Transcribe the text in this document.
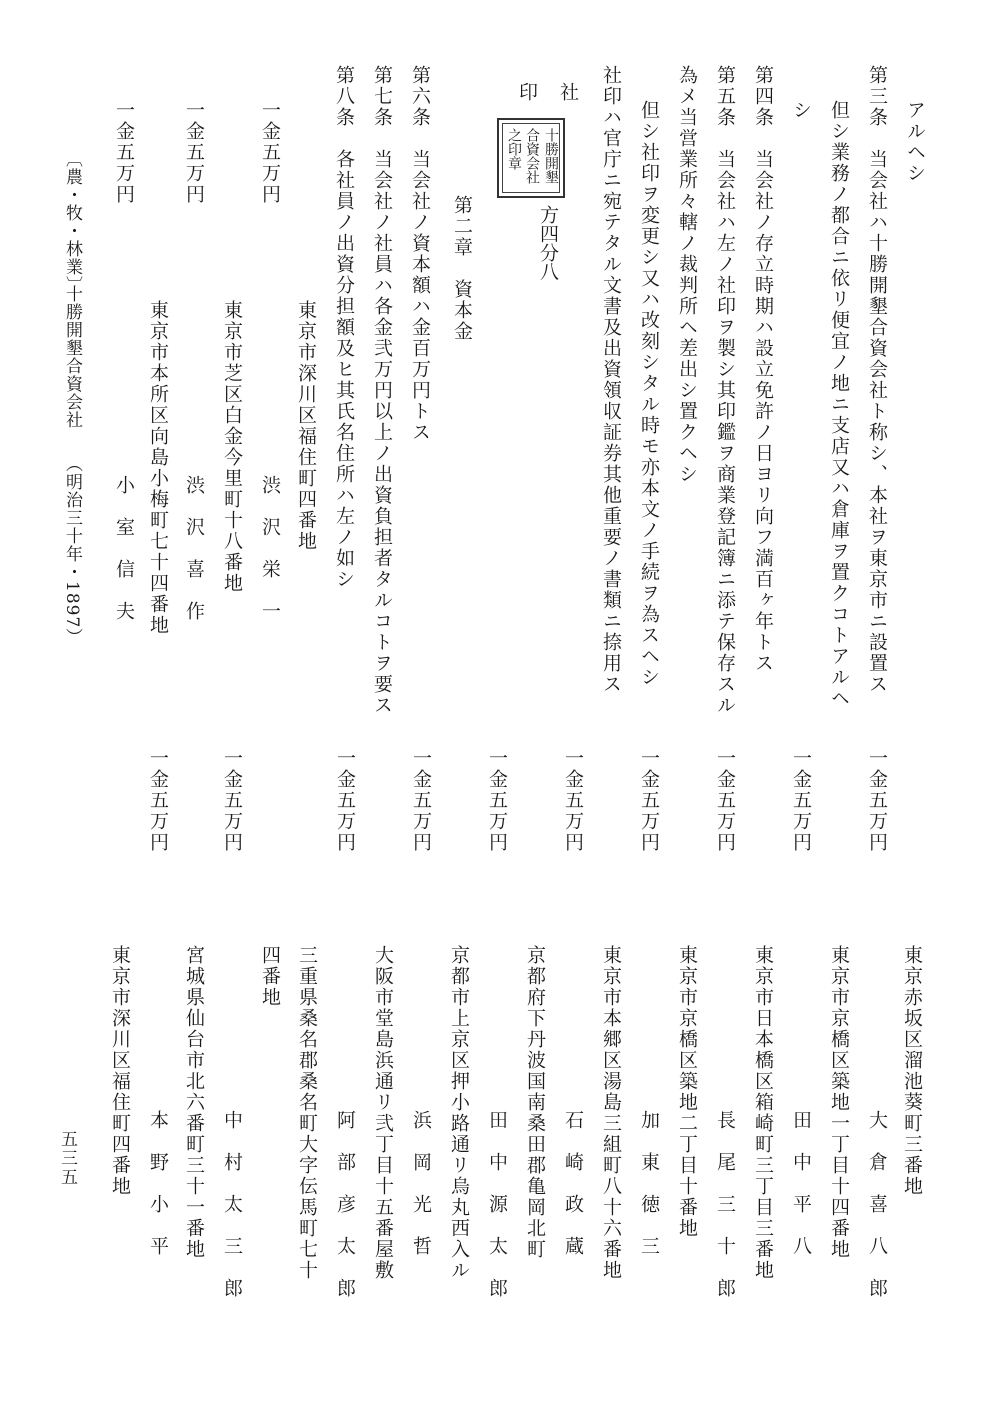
アルヘシ
第三条　当会社ハ十勝開墾合資会社ト称シ、本社ヲ東京市ニ設置ス
但シ業務ノ都合ニ依リ便宜ノ地ニ支店又ハ倉庫ヲ置クコトアルヘ
シ
第四条　当会社ノ存立時期ハ設立免許ノ日ヨリ向フ満百ヶ年トス
第五条　当会社ハ左ノ社印ヲ製シ其印鑑ヲ商業登記簿ニ添テ保存スル
為メ当営業所々轄ノ裁判所ヘ差出シ置クヘシ
但シ社印ヲ変更シ又ハ改刻シタル時モ亦本文ノ手続ヲ為スヘシ
社印ハ官庁ニ宛テタル文書及出資領収証券其他重要ノ書類ニ捺用ス
社
印
十勝開墾
合資会社
之印章
方四分八
第二章　資本金
第六条　当会社ノ資本額ハ金百万円トス
第七条　当会社ノ社員ハ各金弐万円以上ノ出資負担者タルコトヲ要ス
第八条　各社員ノ出資分担額及ヒ其氏名住所ハ左ノ如シ
一金五万円
東京市深川区福住町四番地
渋　沢　栄　一
一金五万円
東京市芝区白金今里町十八番地
渋　沢　喜　作
一金五万円
東京市本所区向島小梅町七十四番地
小　室　信　夫
〔農・牧・林業〕
十勝開墾合資会社
（明治三十年・1897）
一金五万円
東京赤坂区溜池葵町三番地
大　倉　喜　八　郎
一金五万円
東京市京橋区築地一丁目十四番地
田　中　平　八
一金五万円
東京市日本橋区箱崎町三丁目三番地
長　尾　三　十　郎
一金五万円
東京市京橋区築地二丁目十番地
加　東　徳　三
一金五万円
東京市本郷区湯島三組町八十六番地
石　崎　政　蔵
一金五万円
京都府下丹波国南桑田郡亀岡北町
田　中　源　太　郎
一金五万円
京都市上京区押小路通リ烏丸西入ル
浜　岡　光　哲
一金五万円
大阪市堂島浜通リ弐丁目十五番屋敷
阿　部　彦　太　郎
一金五万円
三重県桑名郡桑名町大字伝馬町七十
四番地
中　村　太　三　郎
一金五万円
宮城県仙台市北六番町三十一番地
本　野　小　平
東京市深川区福住町四番地
五三五
